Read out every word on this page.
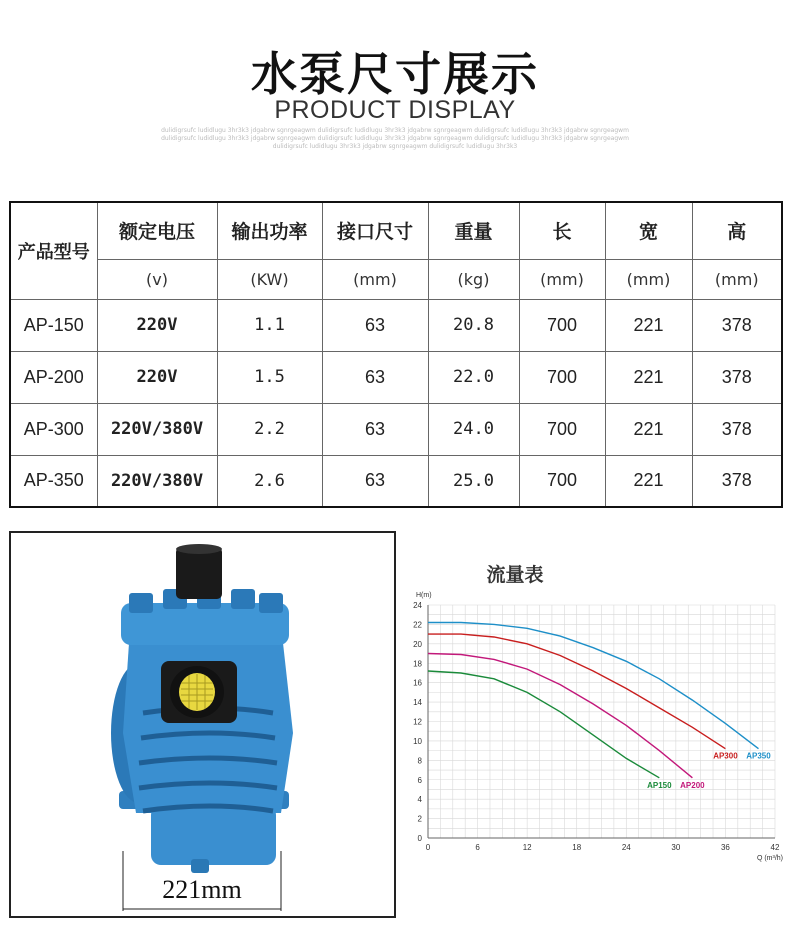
水泵尺寸展示
PRODUCT DISPLAY
dulidigrsufc ludidlugu 3hr3k3 jdgabrw sgnrgeagwm dulidigrsufc ludidlugu 3hr3k3 jdgabrw sgnrgeagwm dulidigrsufc ludidlugu 3hr3k3 jdgabrw sgnrgeagwm dulidigrsufc ludidlugu 3hr3k3 jdgabrw sgnrgeagwm dulidigrsufc ludidlugu 3hr3k3 jdgabrw sgnrgeagwm dulidigrsufc ludidlugu 3hr3k3 jdgabrw sgnrgeagwm dulidigrsufc ludidlugu 3hr3k3 jdgabrw sgnrgeagwm dulidigrsufc ludidlugu 3hr3k3
产品型号	额定电压	输出功率	接口尺寸	重量	长	宽	高
	(v)	(KW)	(mm)	(kg)	(mm)	(mm)	(mm)
AP-150	220V	1.1	63	20.8	700	221	378
AP-200	220V	1.5	63	22.0	700	221	378
AP-300	220V/380V	2.2	63	24.0	700	221	378
AP-350	220V/380V	2.6	63	25.0	700	221	378
221mm
流量表
0	6	12	18	24	30	36	42
0
2
4
6
8
10
12
14
16
18
20
22
24
H(m)
Q (m³/h)
AP150 AP200
AP300 AP350
